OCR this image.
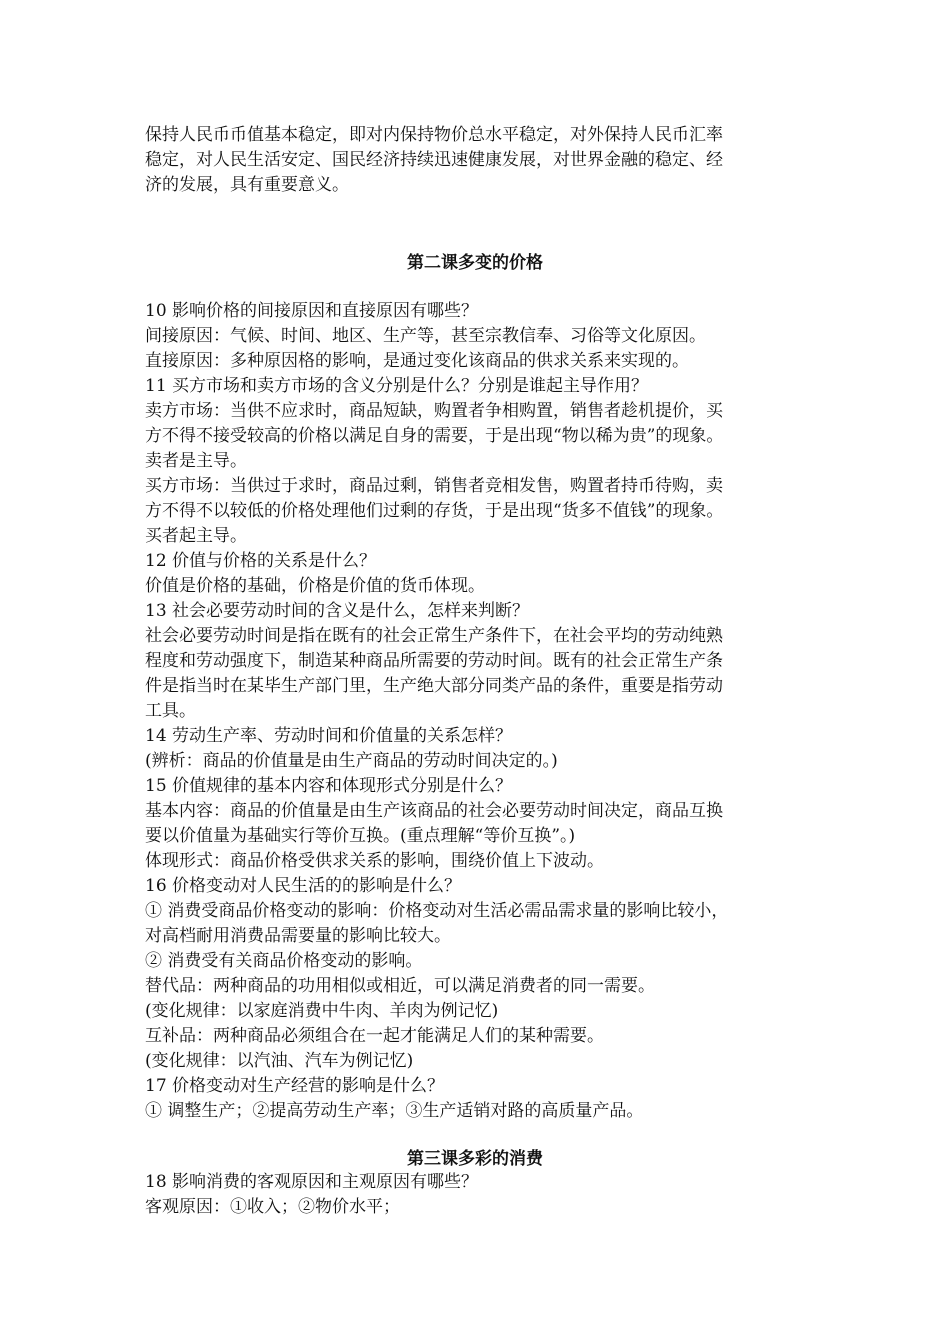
保持人民币币值基本稳定，即对内保持物价总水平稳定，对外保持人民币汇率
稳定，对人民生活安定、国民经济持续迅速健康发展，对世界金融的稳定、经
济的发展，具有重要意义。
第二课多变的价格
10 影响价格的间接原因和直接原因有哪些？
间接原因：气候、时间、地区、生产等，甚至宗教信奉、习俗等文化原因。
直接原因：多种原因格的影响，是通过变化该商品的供求关系来实现的。
11 买方市场和卖方市场的含义分别是什么？分别是谁起主导作用？
卖方市场：当供不应求时，商品短缺，购置者争相购置，销售者趁机提价，买
方不得不接受较高的价格以满足自身的需要，于是出现“物以稀为贵”的现象。
卖者是主导。
买方市场：当供过于求时，商品过剩，销售者竞相发售，购置者持币待购，卖
方不得不以较低的价格处理他们过剩的存货，于是出现“货多不值钱”的现象。
买者起主导。
12 价值与价格的关系是什么？
价值是价格的基础，价格是价值的货币体现。
13 社会必要劳动时间的含义是什么，怎样来判断？
社会必要劳动时间是指在既有的社会正常生产条件下，在社会平均的劳动纯熟
程度和劳动强度下，制造某种商品所需要的劳动时间。既有的社会正常生产条
件是指当时在某毕生产部门里，生产绝大部分同类产品的条件，重要是指劳动
工具。
14 劳动生产率、劳动时间和价值量的关系怎样？
(辨析：商品的价值量是由生产商品的劳动时间决定的。)
15 价值规律的基本内容和体现形式分别是什么？
基本内容：商品的价值量是由生产该商品的社会必要劳动时间决定，商品互换
要以价值量为基础实行等价互换。(重点理解“等价互换”。)
体现形式：商品价格受供求关系的影响，围绕价值上下波动。
16 价格变动对人民生活的的影响是什么？
① 消费受商品价格变动的影响：价格变动对生活必需品需求量的影响比较小，
对高档耐用消费品需要量的影响比较大。
② 消费受有关商品价格变动的影响。
替代品：两种商品的功用相似或相近，可以满足消费者的同一需要。
(变化规律：以家庭消费中牛肉、羊肉为例记忆)
互补品：两种商品必须组合在一起才能满足人们的某种需要。
(变化规律：以汽油、汽车为例记忆)
17 价格变动对生产经营的影响是什么？
① 调整生产；②提高劳动生产率；③生产适销对路的高质量产品。
第三课多彩的消费
18 影响消费的客观原因和主观原因有哪些？
客观原因：①收入；②物价水平；
